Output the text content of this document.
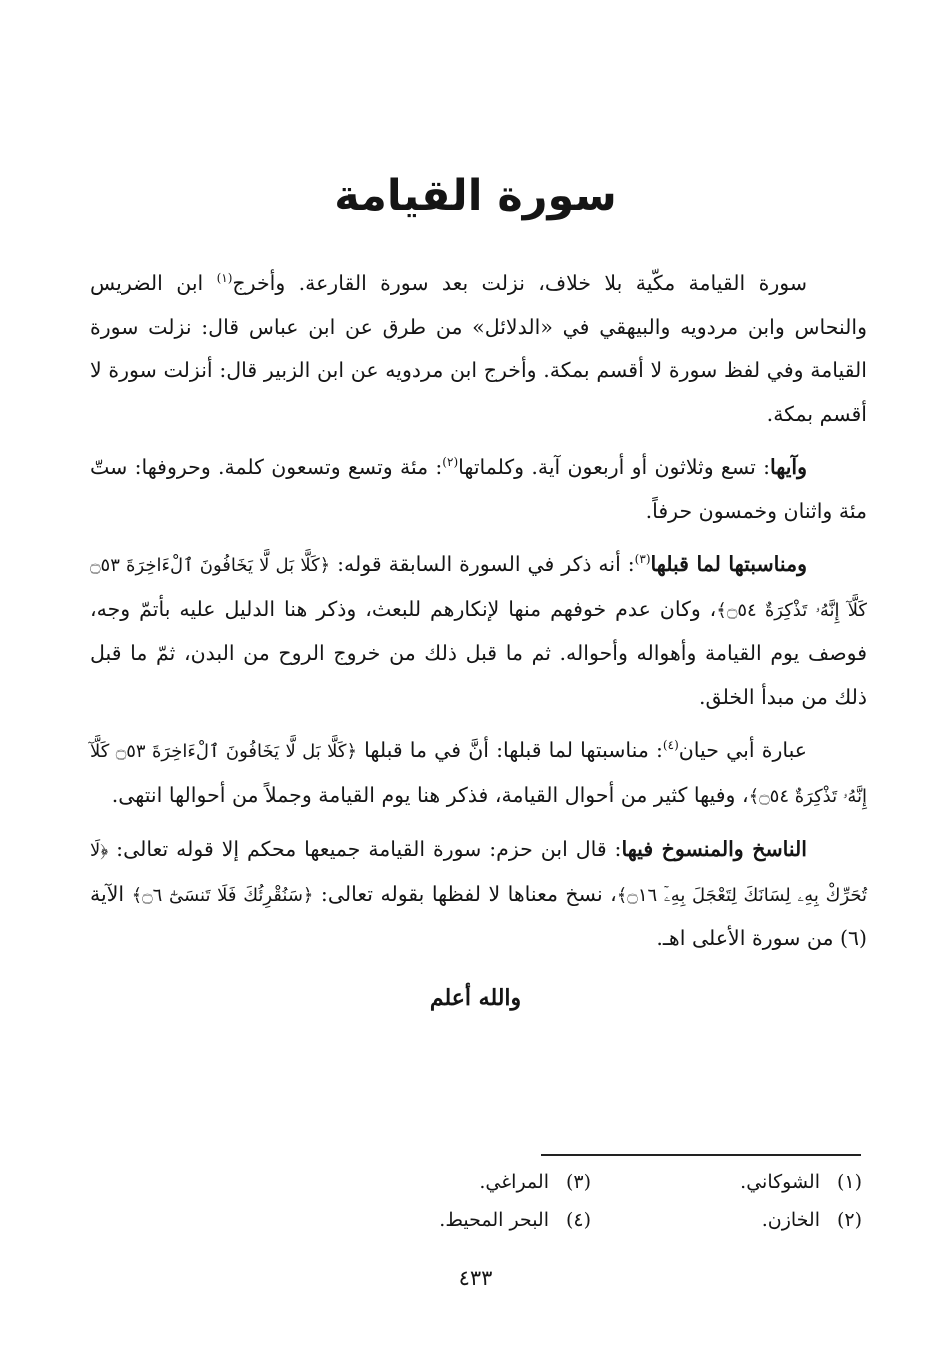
سورة القيامة

سورة القيامة مكّية بلا خلاف، نزلت بعد سورة القارعة. وأخرج$^{(١)}$ ابن الضريس والنحاس وابن مردويه والبيهقي في «الدلائل» من طرق عن ابن عباس قال: نزلت سورة القيامة وفي لفظ سورة لا أقسم بمكة. وأخرج ابن مردويه عن ابن الزبير قال: أنزلت سورة لا أقسم بمكة.

وآيها: تسع وثلاثون أو أربعون آية. وكلماتها$^{(٢)}$: مئة وتسع وتسعون كلمة. وحروفها: ستّ مئة واثنان وخمسون حرفاً.

ومناسبتها لما قبلها$^{(٣)}$: أنه ذكر في السورة السابقة قوله: ﴿كَلَّا بَل لَّا يَخَافُونَ ٱلْءَاخِرَةَ ۝٥٣ كَلَّآ إِنَّهُۥ تَذْكِرَةٌ ۝٥٤﴾، وكان عدم خوفهم منها لإنكارهم للبعث، وذكر هنا الدليل عليه بأتمّ وجه، فوصف يوم القيامة وأهواله وأحواله. ثم ما قبل ذلك من خروج الروح من البدن، ثمّ ما قبل ذلك من مبدأ الخلق.

عبارة أبي حيان$^{(٤)}$: مناسبتها لما قبلها: أنَّ في ما قبلها ﴿كَلَّا بَل لَّا يَخَافُونَ ٱلْءَاخِرَةَ ۝٥٣ كَلَّآ إِنَّهُۥ تَذْكِرَةٌ ۝٥٤﴾، وفيها كثير من أحوال القيامة، فذكر هنا يوم القيامة وجملاً من أحوالها انتهى.

الناسخ والمنسوخ فيها: قال ابن حزم: سورة القيامة جميعها محكم إلا قوله تعالى: ﴿لَا تُحَرِّكْ بِهِۦ لِسَانَكَ لِتَعْجَلَ بِهِۦٓ ۝١٦﴾، نسخ معناها لا لفظها بقوله تعالى: ﴿سَنُقْرِئُكَ فَلَا تَنسَىٰٓ ۝٦﴾ الآية (٦) من سورة الأعلى اهـ.

والله أعلم

(١)الشوكاني.
(٣)المراغي.
(٢)الخازن.
(٤)البحر المحيط.

٤٣٣
